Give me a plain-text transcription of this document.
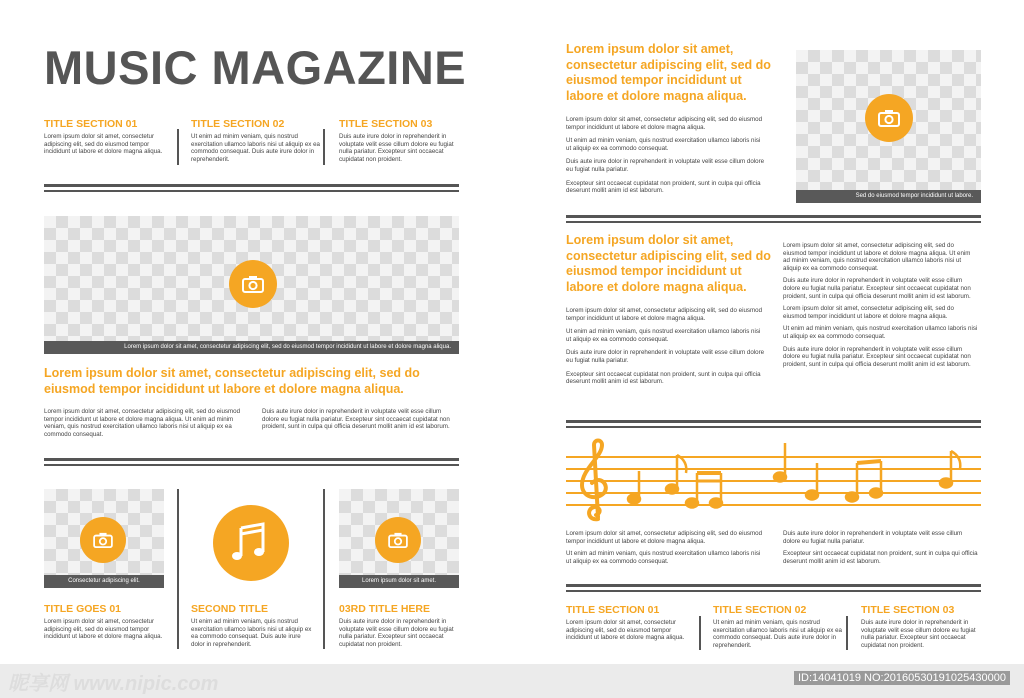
MUSIC MAGAZINE
TITLE SECTION 01
Lorem ipsum dolor sit amet, consectetur adipiscing elit, sed do eiusmod tempor incididunt ut labore et dolore magna aliqua.
TITLE SECTION 02
Ut enim ad minim veniam, quis nostrud exercitation ullamco laboris nisi ut aliquip ex ea commodo consequat. Duis aute irure dolor in reprehenderit.
TITLE SECTION 03
Duis aute irure dolor in reprehenderit in voluptate velit esse cillum dolore eu fugiat nulla pariatur. Excepteur sint occaecat cupidatat non proident.
Lorem ipsum dolor sit amet, consectetur adipiscing elit, sed do eiusmod tempor incididunt ut labore et dolore magna aliqua.
Lorem ipsum dolor sit amet, consectetur adipiscing elit, sed do eiusmod tempor incididunt ut labore et dolore magna aliqua.
Lorem ipsum dolor sit amet, consectetur adipiscing elit, sed do eiusmod tempor incididunt ut labore et dolore magna aliqua. Ut enim ad minim veniam, quis nostrud exercitation ullamco laboris nisi ut aliquip ex ea commodo consequat.
Duis aute irure dolor in reprehenderit in voluptate velit esse cillum dolore eu fugiat nulla pariatur. Excepteur sint occaecat cupidatat non proident, sunt in culpa qui officia deserunt mollit anim id est laborum.
Consectetur adipiscing elit.	Lorem ipsum dolor sit amet.
TITLE GOES 01
Lorem ipsum dolor sit amet, consectetur adipiscing elit, sed do eiusmod tempor incididunt ut labore et dolore magna aliqua.
SECOND TITLE
Ut enim ad minim veniam, quis nostrud exercitation ullamco laboris nisi ut aliquip ex ea commodo consequat. Duis aute irure dolor in reprehenderit.
03RD TITLE HERE
Duis aute irure dolor in reprehenderit in voluptate velit esse cillum dolore eu fugiat nulla pariatur. Excepteur sint occaecat cupidatat non proident.
Lorem ipsum dolor sit amet, consectetur adipiscing elit, sed do eiusmod tempor incididunt ut labore et dolore magna aliqua.
Lorem ipsum dolor sit amet, consectetur adipiscing elit, sed do eiusmod tempor incididunt ut labore et dolore magna aliqua.
Ut enim ad minim veniam, quis nostrud exercitation ullamco laboris nisi ut aliquip ex ea commodo consequat.
Duis aute irure dolor in reprehenderit in voluptate velit esse cillum dolore eu fugiat nulla pariatur.
Excepteur sint occaecat cupidatat non proident, sunt in culpa qui officia deserunt mollit anim id est laborum.
Sed do eiusmod tempor incididunt ut labore.
Lorem ipsum dolor sit amet, consectetur adipiscing elit, sed do eiusmod tempor incididunt ut labore et dolore magna aliqua.
Lorem ipsum dolor sit amet, consectetur adipiscing elit, sed do eiusmod tempor incididunt ut labore et dolore magna aliqua.
Ut enim ad minim veniam, quis nostrud exercitation ullamco laboris nisi ut aliquip ex ea commodo consequat.
Duis aute irure dolor in reprehenderit in voluptate velit esse cillum dolore eu fugiat nulla pariatur.
Excepteur sint occaecat cupidatat non proident, sunt in culpa qui officia deserunt mollit anim id est laborum.
Lorem ipsum dolor sit amet, consectetur adipiscing elit, sed do eiusmod tempor incididunt ut labore et dolore magna aliqua. Ut enim ad minim veniam, quis nostrud exercitation ullamco laboris nisi ut aliquip ex ea commodo consequat.
Duis aute irure dolor in reprehenderit in voluptate velit esse cillum dolore eu fugiat nulla pariatur. Excepteur sint occaecat cupidatat non proident, sunt in culpa qui officia deserunt mollit anim id est laborum.
Lorem ipsum dolor sit amet, consectetur adipiscing elit, sed do eiusmod tempor incididunt ut labore et dolore magna aliqua.
Ut enim ad minim veniam, quis nostrud exercitation ullamco laboris nisi ut aliquip ex ea commodo consequat.
Duis aute irure dolor in reprehenderit in voluptate velit esse cillum dolore eu fugiat nulla pariatur. Excepteur sint occaecat cupidatat non proident, sunt in culpa qui officia deserunt mollit anim id est laborum.
Lorem ipsum dolor sit amet, consectetur adipiscing elit, sed do eiusmod tempor incididunt ut labore et dolore magna aliqua.
Ut enim ad minim veniam, quis nostrud exercitation ullamco laboris nisi ut aliquip ex ea commodo consequat.
Duis aute irure dolor in reprehenderit in voluptate velit esse cillum dolore eu fugiat nulla pariatur.
Excepteur sint occaecat cupidatat non proident, sunt in culpa qui officia deserunt mollit anim id est laborum.
TITLE SECTION 01
Lorem ipsum dolor sit amet, consectetur adipiscing elit, sed do eiusmod tempor incididunt ut labore et dolore magna aliqua.
TITLE SECTION 02
Ut enim ad minim veniam, quis nostrud exercitation ullamco laboris nisi ut aliquip ex ea commodo consequat. Duis aute irure dolor in reprehenderit.
TITLE SECTION 03
Duis aute irure dolor in reprehenderit in voluptate velit esse cillum dolore eu fugiat nulla pariatur. Excepteur sint occaecat cupidatat non proident.
昵享网 www.nipic.com	ID:14041019 NO:20160530191025430000
